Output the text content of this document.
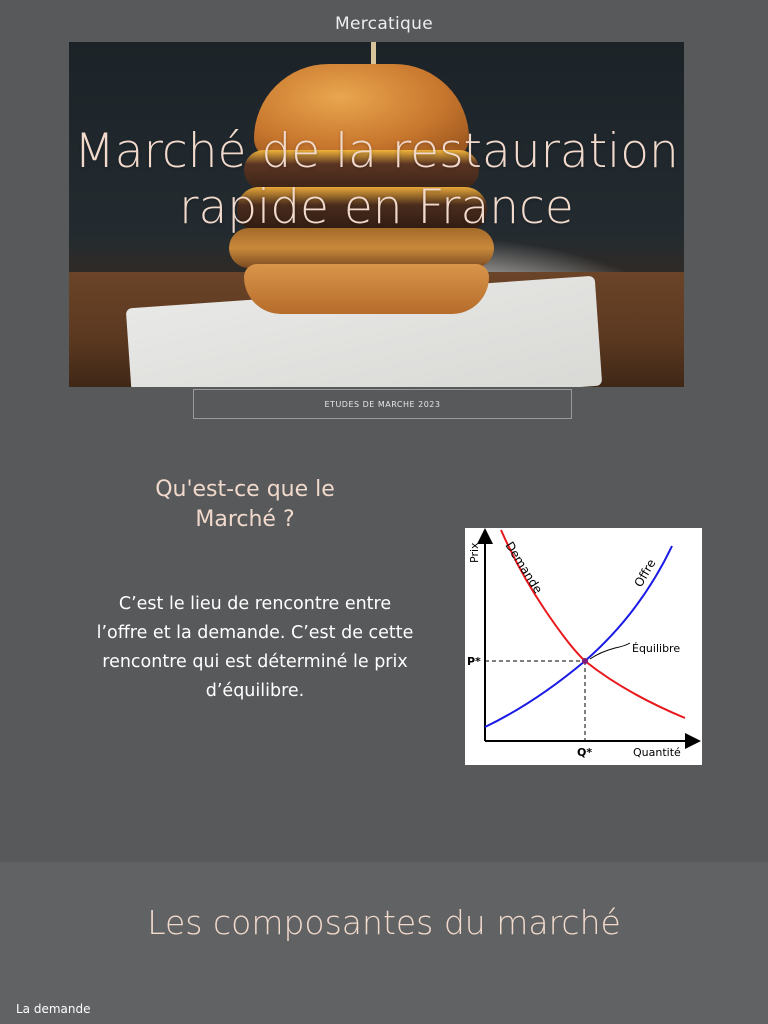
Mercatique
Marché de la restauration rapide en France
ETUDES DE MARCHE 2023
Qu'est-ce que le Marché ?
C’est le lieu de rencontre entre l’offre et la demande. C’est de cette rencontre qui est déterminé le prix d’équilibre.
Prix
Quantité
Demande	Offre
Équilibre
P*
Q*
Les composantes du marché
La demande
